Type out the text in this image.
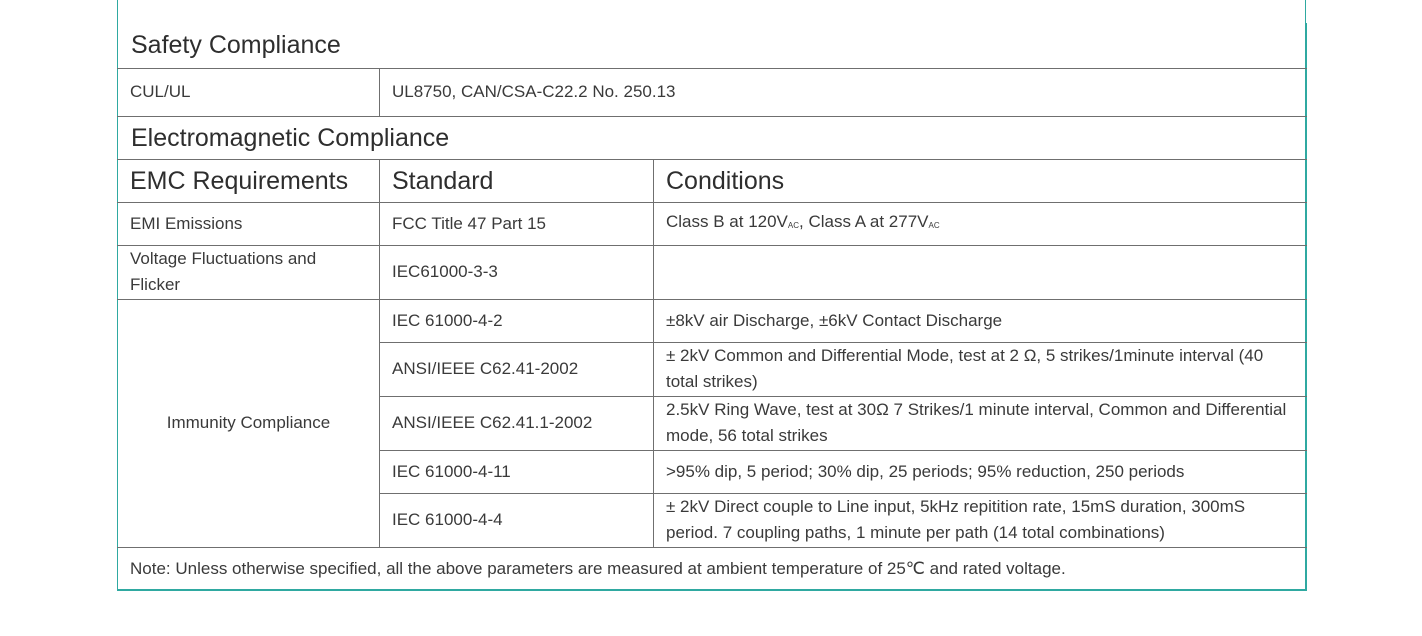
Safety Compliance		
CUL/UL	UL8750, CAN/CSA-C22.2 No. 250.13	
Electromagnetic Compliance		
EMC Requirements	Standard	Conditions
EMI Emissions	FCC Title 47 Part 15	Class B at $120V_{AC}$, Class A at $277V_{AC}$
Voltage Fluctuations and Flicker	IEC61000-3-3	
Immunity Compliance	IEC 61000-4-2	±8kV air Discharge, ±6kV Contact Discharge
	ANSI/IEEE C62.41-2002	± 2kV Common and Differential Mode, test at 2 Ω, 5 strikes/1minute interval (40 total strikes)
	ANSI/IEEE C62.41.1-2002	2.5kV Ring Wave, test at 30Ω 7 Strikes/1 minute interval, Common and Differential mode, 56 total strikes
	IEC 61000-4-11	>95% dip, 5 period; 30% dip, 25 periods; 95% reduction, 250 periods
	IEC 61000-4-4	± 2kV Direct couple to Line input, 5kHz repitition rate, 15mS duration, 300mS period. 7 coupling paths, 1 minute per path (14 total combinations)
Note: Unless otherwise specified, all the above parameters are measured at ambient temperature of 25℃ and rated voltage.		
